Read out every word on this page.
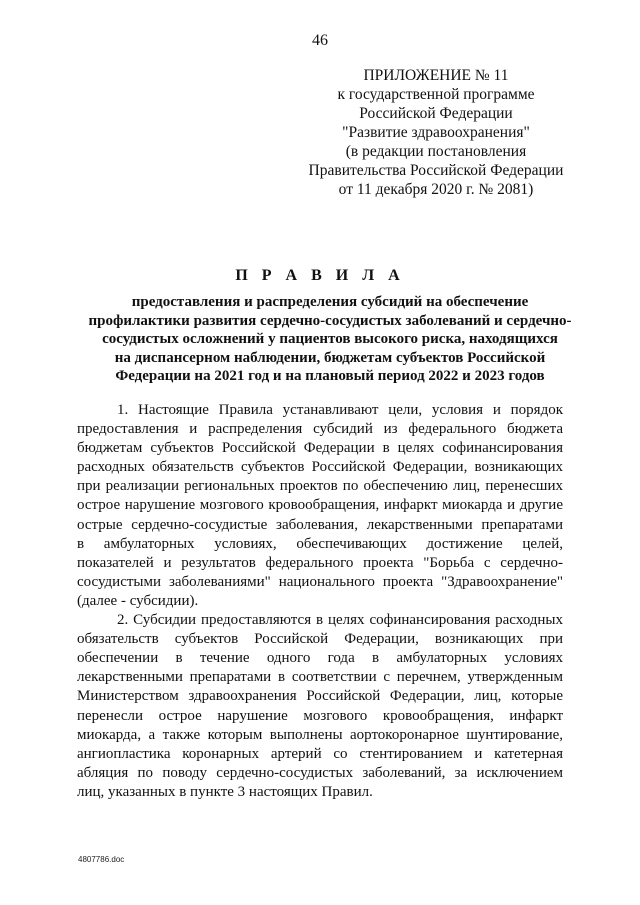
46
ПРИЛОЖЕНИЕ № 11
к государственной программе
Российской Федерации
"Развитие здравоохранения"
(в редакции постановления
Правительства Российской Федерации
от 11 декабря 2020 г. № 2081)
П Р А В И Л А
предоставления и распределения субсидий на обеспечение
профилактики развития сердечно-сосудистых заболеваний и сердечно-
сосудистых осложнений у пациентов высокого риска, находящихся
на диспансерном наблюдении, бюджетам субъектов Российской
Федерации на 2021 год и на плановый период 2022 и 2023 годов
1. Настоящие Правила устанавливают цели, условия и порядок
предоставления и распределения субсидий из федерального бюджета
бюджетам субъектов Российской Федерации в целях софинансирования
расходных обязательств субъектов Российской Федерации, возникающих
при реализации региональных проектов по обеспечению лиц, перенесших
острое нарушение мозгового кровообращения, инфаркт миокарда и другие
острые сердечно-сосудистые заболевания, лекарственными препаратами
в амбулаторных условиях, обеспечивающих достижение целей,
показателей и результатов федерального проекта "Борьба с сердечно-
сосудистыми заболеваниями" национального проекта "Здравоохранение"
(далее - субсидии).
2. Субсидии предоставляются в целях софинансирования расходных
обязательств субъектов Российской Федерации, возникающих при
обеспечении в течение одного года в амбулаторных условиях
лекарственными препаратами в соответствии с перечнем, утвержденным
Министерством здравоохранения Российской Федерации, лиц, которые
перенесли острое нарушение мозгового кровообращения, инфаркт
миокарда, а также которым выполнены аортокоронарное шунтирование,
ангиопластика коронарных артерий со стентированием и катетерная
абляция по поводу сердечно-сосудистых заболеваний, за исключением
лиц, указанных в пункте 3 настоящих Правил.
4807786.doc
